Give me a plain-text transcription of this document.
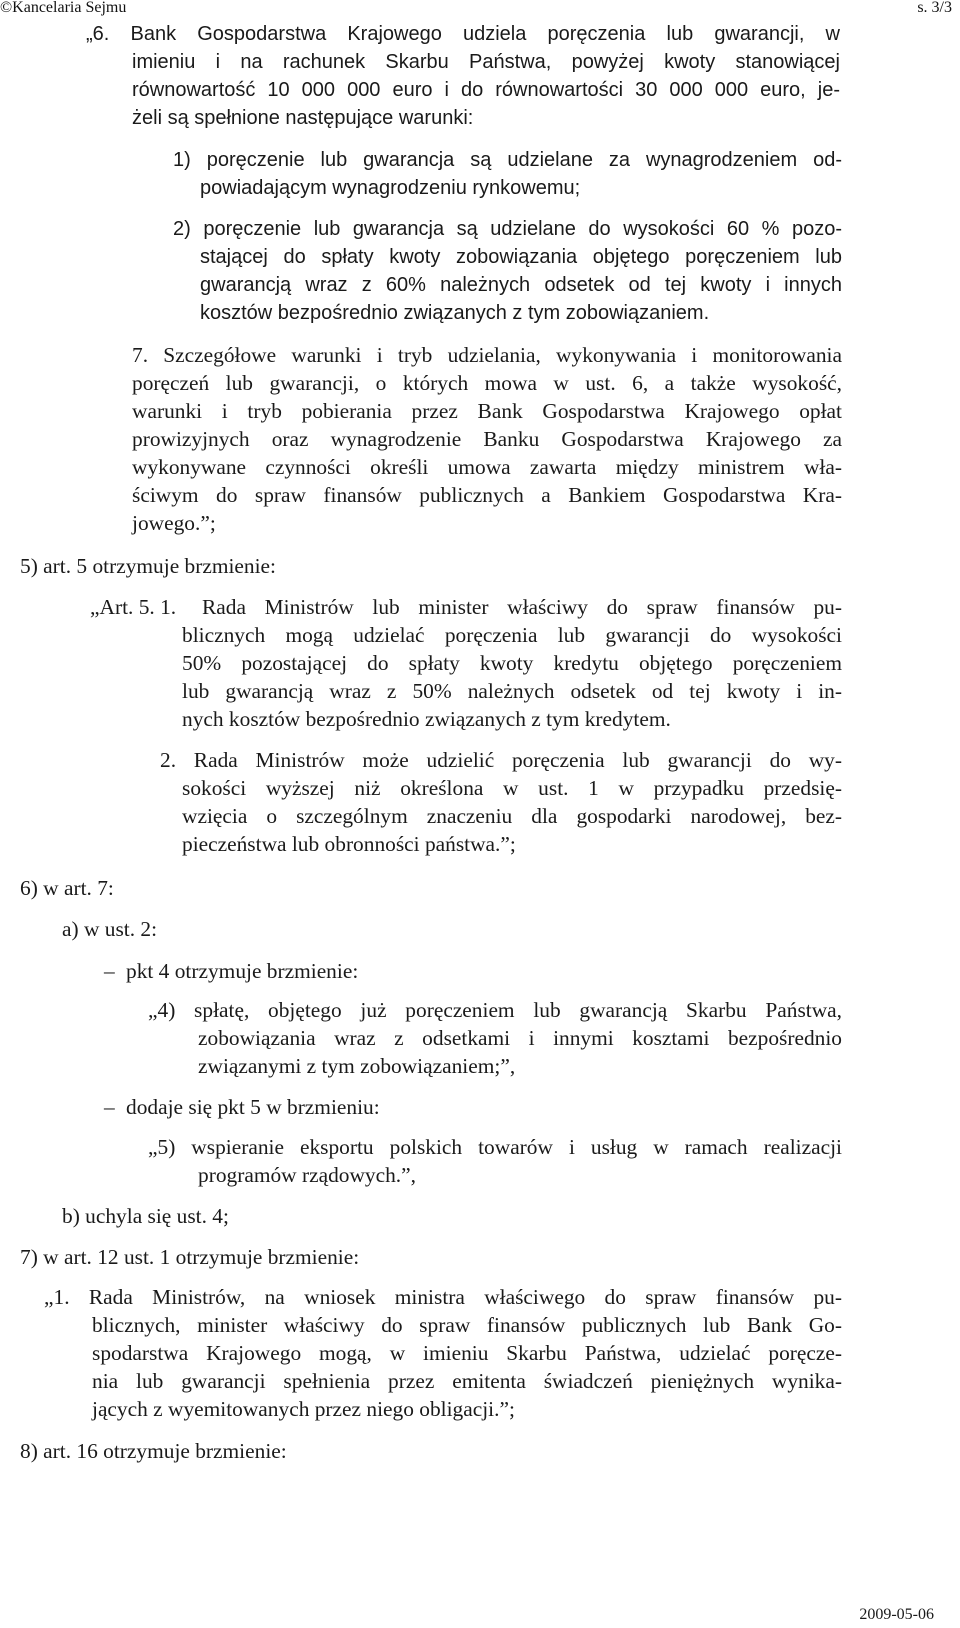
©Kancelaria Sejmu	s. 3/3
„6. Bank Gospodarstwa Krajowego udziela poręczenia lub gwarancji, w
imieniu i na rachunek Skarbu Państwa, powyżej kwoty stanowiącej
równowartość 10 000 000 euro i do równowartości 30 000 000 euro, je-
żeli są spełnione następujące warunki:
1) poręczenie lub gwarancja są udzielane za wynagrodzeniem od-
powiadającym wynagrodzeniu rynkowemu;
2) poręczenie lub gwarancja są udzielane do wysokości 60 % pozo-
stającej do spłaty kwoty zobowiązania objętego poręczeniem lub
gwarancją wraz z 60% należnych odsetek od tej kwoty i innych
kosztów bezpośrednio związanych z tym zobowiązaniem.
7. Szczegółowe warunki i tryb udzielania, wykonywania i monitorowania
poręczeń lub gwarancji, o których mowa w ust. 6, a także wysokość,
warunki i tryb pobierania przez Bank Gospodarstwa Krajowego opłat
prowizyjnych oraz wynagrodzenie Banku Gospodarstwa Krajowego za
wykonywane czynności określi umowa zawarta między ministrem wła-
ściwym do spraw finansów publicznych a Bankiem Gospodarstwa Kra-
jowego.”;
5) art. 5 otrzymuje brzmienie:
„Art. 5. 1. Rada Ministrów lub minister właściwy do spraw finansów pu-
blicznych mogą udzielać poręczenia lub gwarancji do wysokości
50% pozostającej do spłaty kwoty kredytu objętego poręczeniem
lub gwarancją wraz z 50% należnych odsetek od tej kwoty i in-
nych kosztów bezpośrednio związanych z tym kredytem.
2. Rada Ministrów może udzielić poręczenia lub gwarancji do wy-
sokości wyższej niż określona w ust. 1 w przypadku przedsię-
wzięcia o szczególnym znaczeniu dla gospodarki narodowej, bez-
pieczeństwa lub obronności państwa.”;
6) w art. 7:
a) w ust. 2:
– pkt 4 otrzymuje brzmienie:
„4) spłatę, objętego już poręczeniem lub gwarancją Skarbu Państwa,
zobowiązania wraz z odsetkami i innymi kosztami bezpośrednio
związanymi z tym zobowiązaniem;”,
– dodaje się pkt 5 w brzmieniu:
„5) wspieranie eksportu polskich towarów i usług w ramach realizacji
programów rządowych.”,
b) uchyla się ust. 4;
7) w art. 12 ust. 1 otrzymuje brzmienie:
„1. Rada Ministrów, na wniosek ministra właściwego do spraw finansów pu-
blicznych, minister właściwy do spraw finansów publicznych lub Bank Go-
spodarstwa Krajowego mogą, w imieniu Skarbu Państwa, udzielać poręcze-
nia lub gwarancji spełnienia przez emitenta świadczeń pieniężnych wynika-
jących z wyemitowanych przez niego obligacji.”;
8) art. 16 otrzymuje brzmienie:
2009-05-06
